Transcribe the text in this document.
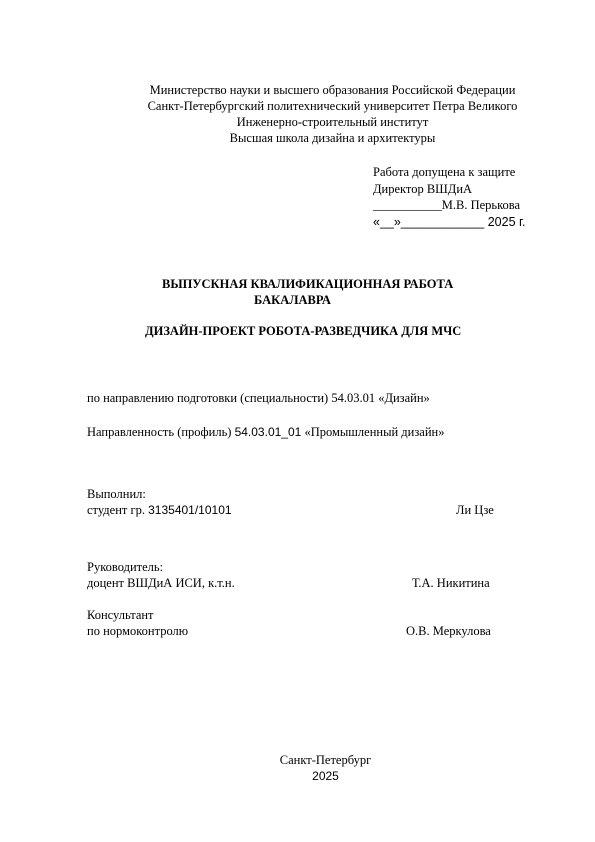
Министерство науки и высшего образования Российской Федерации
Санкт-Петербургский политехнический университет Петра Великого
Инженерно-строительный институт
Высшая школа дизайна и архитектуры
Работа допущена к защите
Директор ВШДиА
___________М.В. Перькова
«__»____________ 2025 г.
ВЫПУСКНАЯ КВАЛИФИКАЦИОННАЯ РАБОТА
БАКАЛАВРА
ДИЗАЙН-ПРОЕКТ РОБОТА-РАЗВЕДЧИКА ДЛЯ МЧС
по направлению подготовки (специальности) 54.03.01 «Дизайн»
Направленность (профиль) 54.03.01_01 «Промышленный дизайн»
Выполнил:
студент гр. 3135401/10101	Ли Цзе
Руководитель:
доцент ВШДиА ИСИ, к.т.н.	Т.А. Никитина
Консультант
по нормоконтролю	О.В. Меркулова
Санкт-Петербург
2025
